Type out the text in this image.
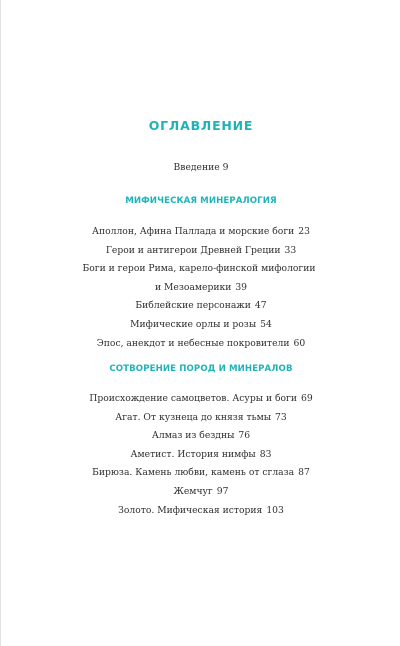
ОГЛАВЛЕНИЕ
Введение 9
МИФИЧЕСКАЯ МИНЕРАЛОГИЯ
Аполлон, Афина Паллада и морские боги 23
Герои и антигерои Древней Греции 33
Боги и герои Рима, карело-финской мифологии
и Мезоамерики 39
Библейские персонажи 47
Мифические орлы и розы 54
Эпос, анекдот и небесные покровители 60
СОТВОРЕНИЕ ПОРОД И МИНЕРАЛОВ
Происхождение самоцветов. Асуры и боги 69
Агат. От кузнеца до князя тьмы 73
Алмаз из бездны 76
Аметист. История нимфы 83
Бирюза. Камень любви, камень от сглаза 87
Жемчуг 97
Золото. Мифическая история 103
